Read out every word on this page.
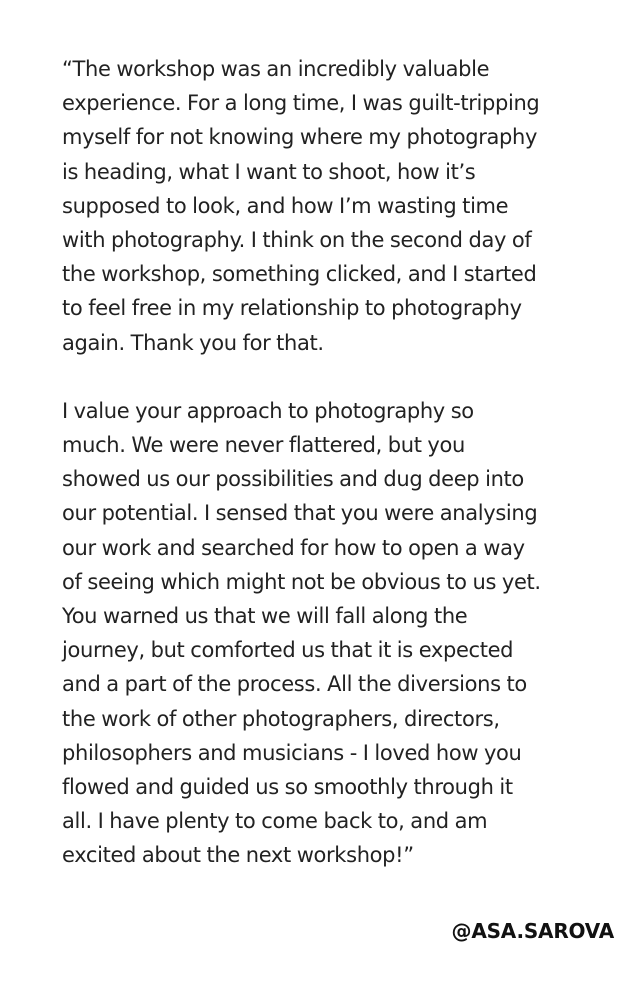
“The workshop was an incredibly valuable
experience. For a long time, I was guilt-tripping
myself for not knowing where my photography
is heading, what I want to shoot, how it’s
supposed to look, and how I’m wasting time
with photography. I think on the second day of
the workshop, something clicked, and I started
to feel free in my relationship to photography
again. Thank you for that.

I value your approach to photography so
much. We were never flattered, but you
showed us our possibilities and dug deep into
our potential. I sensed that you were analysing
our work and searched for how to open a way
of seeing which might not be obvious to us yet.
You warned us that we will fall along the
journey, but comforted us that it is expected
and a part of the process. All the diversions to
the work of other photographers, directors,
philosophers and musicians - I loved how you
flowed and guided us so smoothly through it
all. I have plenty to come back to, and am
excited about the next workshop!”

@ASA.SAROVA
